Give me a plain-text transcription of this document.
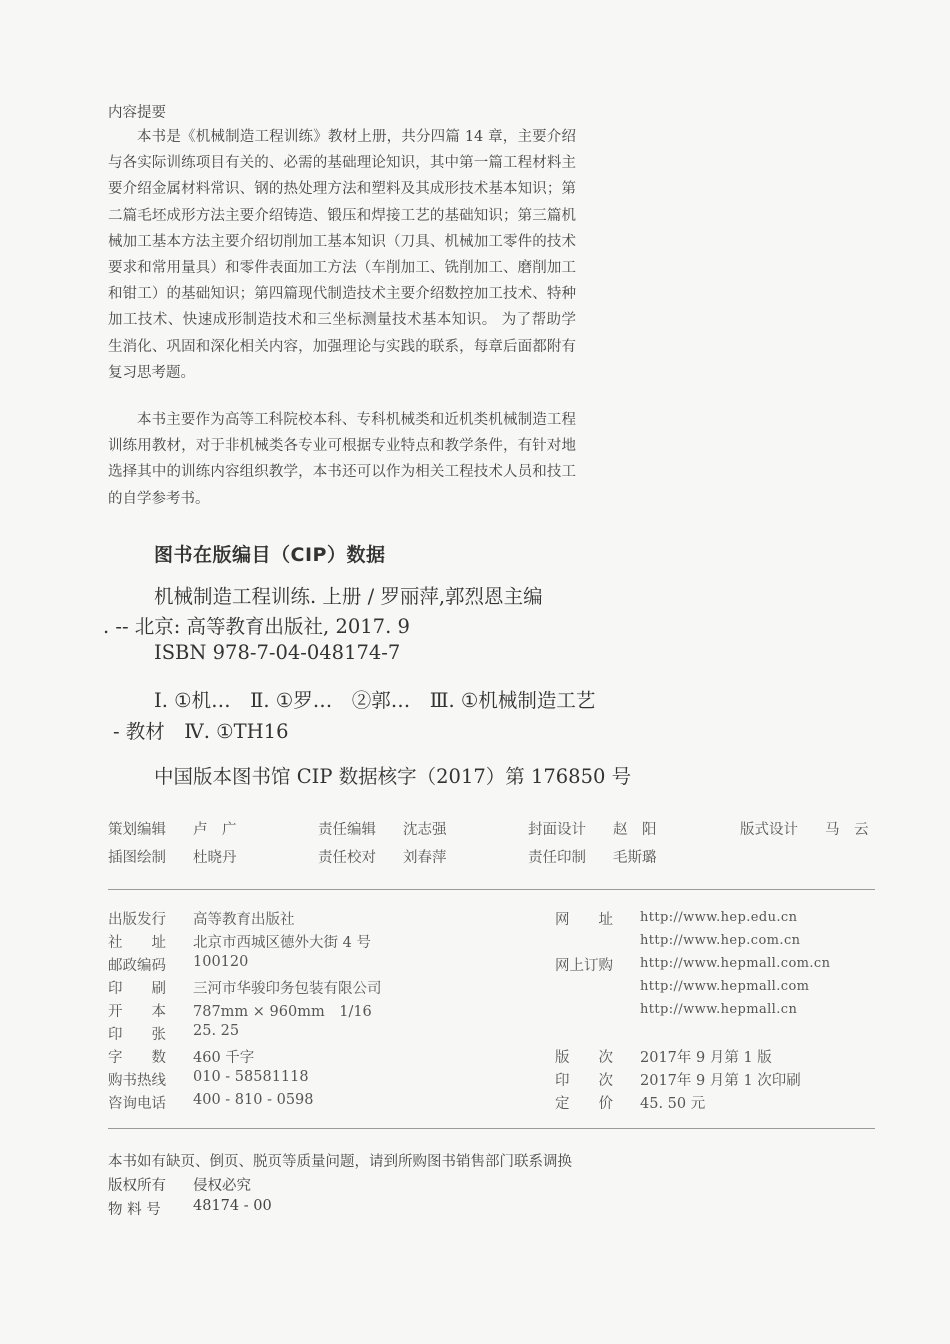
内容提要

本书是《机械制造工程训练》教材上册，共分四篇 14 章，主要介绍与各实际训练项目有关的、必需的基础理论知识，其中第一篇工程材料主要介绍金属材料常识、钢的热处理方法和塑料及其成形技术基本知识；第二篇毛坯成形方法主要介绍铸造、锻压和焊接工艺的基础知识；第三篇机械加工基本方法主要介绍切削加工基本知识（刀具、机械加工零件的技术要求和常用量具）和零件表面加工方法（车削加工、铣削加工、磨削加工和钳工）的基础知识；第四篇现代制造技术主要介绍数控加工技术、特种加工技术、快速成形制造技术和三坐标测量技术基本知识。 为了帮助学生消化、巩固和深化相关内容，加强理论与实践的联系，每章后面都附有复习思考题。

本书主要作为高等工科院校本科、专科机械类和近机类机械制造工程训练用教材，对于非机械类各专业可根据专业特点和教学条件，有针对地选择其中的训练内容组织教学，本书还可以作为相关工程技术人员和技工的自学参考书。

图书在版编目（CIP）数据
机械制造工程训练. 上册 / 罗丽萍,郭烈恩主编
. -- 北京: 高等教育出版社, 2017. 9
ISBN 978-7-04-048174-7
Ⅰ. ①机…　Ⅱ. ①罗…　②郭…　Ⅲ. ①机械制造工艺
- 教材　Ⅳ. ①TH16
中国版本图书馆 CIP 数据核字（2017）第 176850 号
策划编辑 卢　广	责任编辑 沈志强	封面设计 赵　阳	版式设计 马　云
插图绘制 杜晓丹	责任校对 刘春萍	责任印制 毛斯璐
出版发行 高等教育出版社
社　　址 北京市西城区德外大街 4 号
邮政编码 100120
印　　刷 三河市华骏印务包装有限公司
开　　本 787mm × 960mm　1/16
印　　张 25. 25
字　　数 460 千字
购书热线 010 - 58581118
咨询电话 400 - 810 - 0598
网　　址 http://www.hep.edu.cn
http://www.hep.com.cn
网上订购 http://www.hepmall.com.cn
http://www.hepmall.com
http://www.hepmall.cn
版　　次 2017年 9 月第 1 版
印　　次 2017年 9 月第 1 次印刷
定　　价 45. 50 元
本书如有缺页、倒页、脱页等质量问题，请到所购图书销售部门联系调换
版权所有 侵权必究
物 料 号 48174 - 00
